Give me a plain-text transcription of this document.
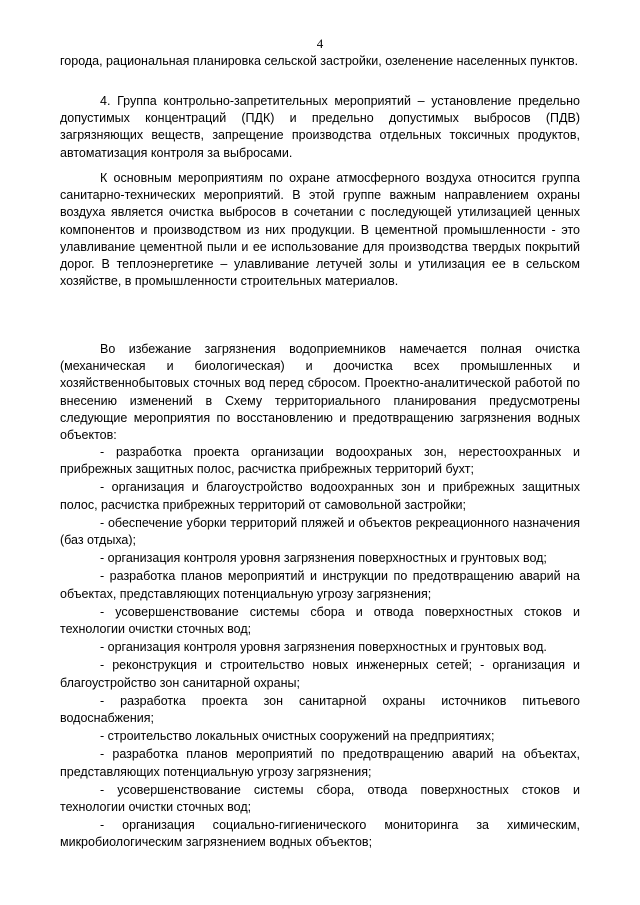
4

города, рациональная планировка сельской застройки, озеленение населенных пунктов.

4. Группа контрольно-запретительных мероприятий – установление предельно допустимых концентраций (ПДК) и предельно допустимых выбросов (ПДВ) загрязняющих веществ, запрещение производства отдельных токсичных продуктов, автоматизация контроля за выбросами.

К основным мероприятиям по охране атмосферного воздуха относится группа санитарно-технических мероприятий. В этой группе важным направлением охраны воздуха является очистка выбросов в сочетании с последующей утилизацией ценных компонентов и производством из них продукции. В цементной промышленности - это улавливание цементной пыли и ее использование для производства твердых покрытий дорог. В теплоэнергетике – улавливание летучей золы и утилизация ее в сельском хозяйстве, в промышленности строительных материалов.

Во избежание загрязнения водоприемников намечается полная очистка (механическая и биологическая) и доочистка всех промышленных и хозяйственнобытовых сточных вод перед сбросом. Проектно-аналитической работой по внесению изменений в Схему территориального планирования предусмотрены следующие мероприятия по восстановлению и предотвращению загрязнения водных объектов:

- разработка проекта организации водоохраных зон, нерестоохранных и прибрежных защитных полос, расчистка прибрежных территорий бухт;

- организация и благоустройство водоохранных зон и прибрежных защитных полос, расчистка прибрежных территорий от самовольной застройки;

- обеспечение уборки территорий пляжей и объектов рекреационного назначения (баз отдыха);

- организация контроля уровня загрязнения поверхностных и грунтовых вод;

- разработка планов мероприятий и инструкции по предотвращению аварий на объектах, представляющих потенциальную угрозу загрязнения;

- усовершенствование системы сбора и отвода поверхностных стоков и технологии очистки сточных вод;

- организация контроля уровня загрязнения поверхностных и грунтовых вод.

- реконструкция и строительство новых инженерных сетей; - организация и благоустройство зон санитарной охраны;

- разработка проекта зон санитарной охраны источников питьевого водоснабжения;

- строительство локальных очистных сооружений на предприятиях;

- разработка планов мероприятий по предотвращению аварий на объектах, представляющих потенциальную угрозу загрязнения;

- усовершенствование системы сбора, отвода поверхностных стоков и технологии очистки сточных вод;

- организация социально-гигиенического мониторинга за химическим, микробиологическим загрязнением водных объектов;
